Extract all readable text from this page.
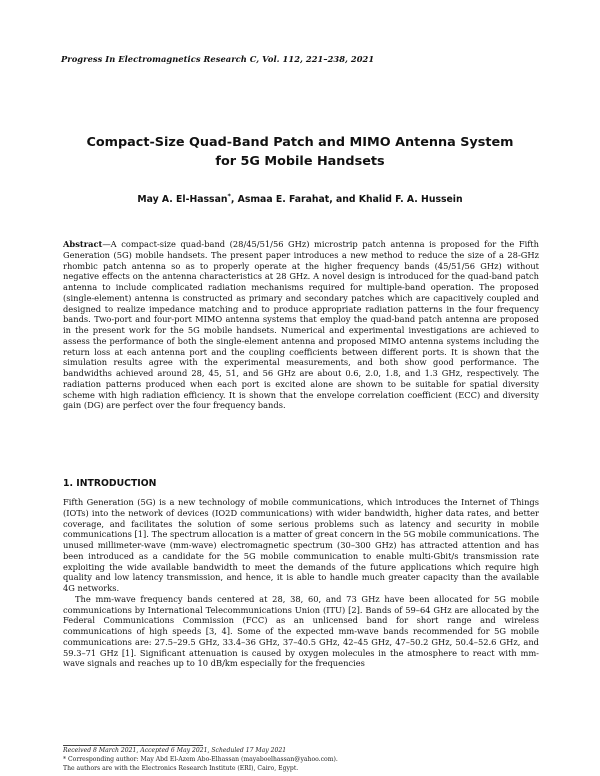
Progress In Electromagnetics Research C, Vol. 112, 221–238, 2021
Compact-Size Quad-Band Patch and MIMO Antenna System
for 5G Mobile Handsets
May A. El-Hassan*, Asmaa E. Farahat, and Khalid F. A. Hussein

Abstract—A compact-size quad-band (28/45/51/56 GHz) microstrip patch antenna is proposed for the Fifth Generation (5G) mobile handsets. The present paper introduces a new method to reduce the size of a 28-GHz rhombic patch antenna so as to properly operate at the higher frequency bands (45/51/56 GHz) without negative effects on the antenna characteristics at 28 GHz. A novel design is introduced for the quad-band patch antenna to include complicated radiation mechanisms required for multiple-band operation. The proposed (single-element) antenna is constructed as primary and secondary patches which are capacitively coupled and designed to realize impedance matching and to produce appropriate radiation patterns in the four frequency bands. Two-port and four-port MIMO antenna systems that employ the quad-band patch antenna are proposed in the present work for the 5G mobile handsets. Numerical and experimental investigations are achieved to assess the performance of both the single-element antenna and proposed MIMO antenna systems including the return loss at each antenna port and the coupling coefficients between different ports. It is shown that the simulation results agree with the experimental measurements, and both show good performance. The bandwidths achieved around 28, 45, 51, and 56 GHz are about 0.6, 2.0, 1.8, and 1.3 GHz, respectively. The radiation patterns produced when each port is excited alone are shown to be suitable for spatial diversity scheme with high radiation efficiency. It is shown that the envelope correlation coefficient (ECC) and diversity gain (DG) are perfect over the four frequency bands.

1. INTRODUCTION

Fifth Generation (5G) is a new technology of mobile communications, which introduces the Internet of Things (IOTs) into the network of devices (IO2D communications) with wider bandwidth, higher data rates, and better coverage, and facilitates the solution of some serious problems such as latency and security in mobile communications [1]. The spectrum allocation is a matter of great concern in the 5G mobile communications. The unused millimeter-wave (mm-wave) electromagnetic spectrum (30–300 GHz) has attracted attention and has been introduced as a candidate for the 5G mobile communication to enable multi-Gbit/s transmission rate exploiting the wide available bandwidth to meet the demands of the future applications which require high quality and low latency transmission, and hence, it is able to handle much greater capacity than the available 4G networks.

The mm-wave frequency bands centered at 28, 38, 60, and 73 GHz have been allocated for 5G mobile communications by International Telecommunications Union (ITU) [2]. Bands of 59–64 GHz are allocated by the Federal Communications Commission (FCC) as an unlicensed band for short range and wireless communications of high speeds [3, 4]. Some of the expected mm-wave bands recommended for 5G mobile communications are: 27.5–29.5 GHz, 33.4–36 GHz, 37–40.5 GHz, 42–45 GHz, 47–50.2 GHz, 50.4–52.6 GHz, and 59.3–71 GHz [1]. Significant attenuation is caused by oxygen molecules in the atmosphere to react with mm-wave signals and reaches up to 10 dB/km especially for the frequencies

Received 8 March 2021, Accepted 6 May 2021, Scheduled 17 May 2021
* Corresponding author: May Abd El-Azem Abo-Elhassan (mayaboelhassan@yahoo.com).
The authors are with the Electronics Research Institute (ERI), Cairo, Egypt.
